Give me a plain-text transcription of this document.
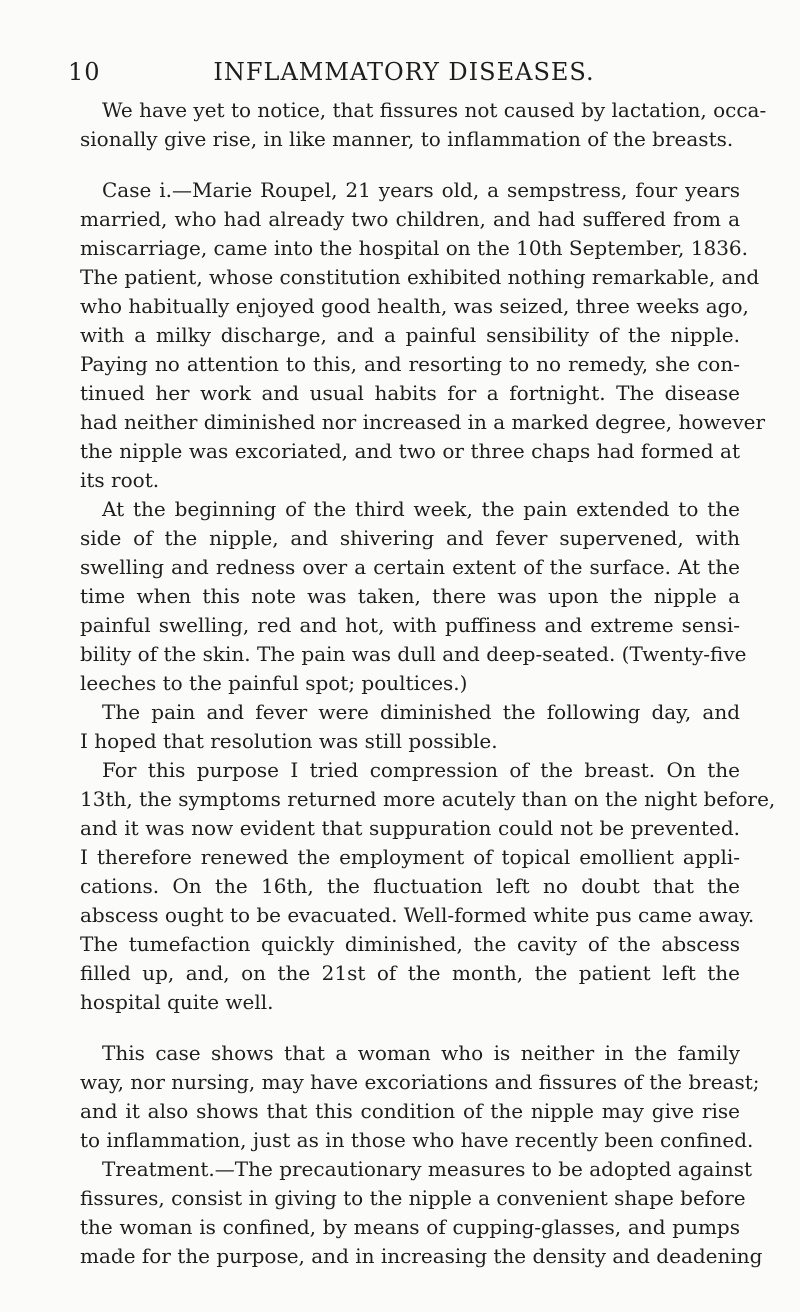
10	INFLAMMATORY DISEASES.
We have yet to notice, that fissures not caused by lactation, occa-
sionally give rise, in like manner, to inflammation of the breasts.
Case i.—Marie Roupel, 21 years old, a sempstress, four years
married, who had already two children, and had suffered from a
miscarriage, came into the hospital on the 10th September, 1836.
The patient, whose constitution exhibited nothing remarkable, and
who habitually enjoyed good health, was seized, three weeks ago,
with a milky discharge, and a painful sensibility of the nipple.
Paying no attention to this, and resorting to no remedy, she con-
tinued her work and usual habits for a fortnight. The disease
had neither diminished nor increased in a marked degree, however
the nipple was excoriated, and two or three chaps had formed at
its root.
At the beginning of the third week, the pain extended to the
side of the nipple, and shivering and fever supervened, with
swelling and redness over a certain extent of the surface. At the
time when this note was taken, there was upon the nipple a
painful swelling, red and hot, with puffiness and extreme sensi-
bility of the skin. The pain was dull and deep-seated. (Twenty-five
leeches to the painful spot; poultices.)
The pain and fever were diminished the following day, and
I hoped that resolution was still possible.
For this purpose I tried compression of the breast. On the
13th, the symptoms returned more acutely than on the night before,
and it was now evident that suppuration could not be prevented.
I therefore renewed the employment of topical emollient appli-
cations. On the 16th, the fluctuation left no doubt that the
abscess ought to be evacuated. Well-formed white pus came away.
The tumefaction quickly diminished, the cavity of the abscess
filled up, and, on the 21st of the month, the patient left the
hospital quite well.
This case shows that a woman who is neither in the family
way, nor nursing, may have excoriations and fissures of the breast;
and it also shows that this condition of the nipple may give rise
to inflammation, just as in those who have recently been confined.
Treatment.—The precautionary measures to be adopted against
fissures, consist in giving to the nipple a convenient shape before
the woman is confined, by means of cupping-glasses, and pumps
made for the purpose, and in increasing the density and deadening
